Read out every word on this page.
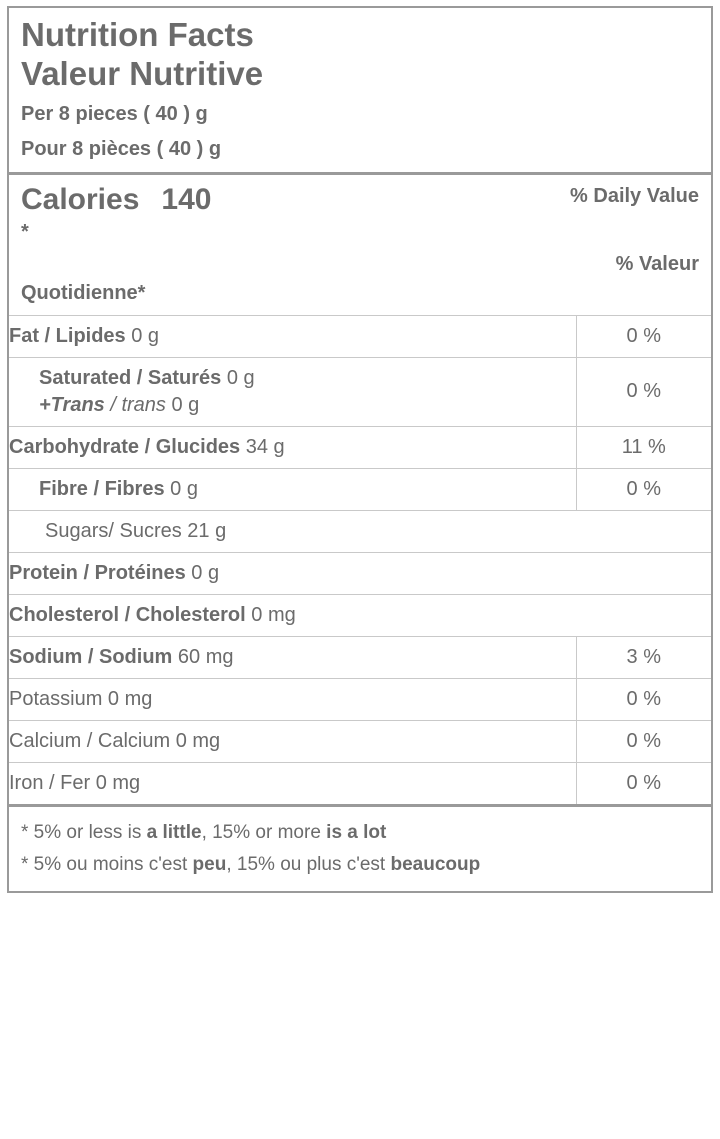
Nutrition Facts
Valeur Nutritive
Per 8 pieces ( 40 ) g
Pour 8 pièces ( 40 ) g
Calories 140	% Daily Value
*
% Valeur
Quotidienne*
Fat / Lipides 0 g	0 %
Saturated / Saturés 0 g
+Trans / trans 0 g	0 %
Carbohydrate / Glucides 34 g	11 %
Fibre / Fibres 0 g	0 %
Sugars/ Sucres 21 g	
Protein / Protéines 0 g	
Cholesterol / Cholesterol 0 mg	
Sodium / Sodium 60 mg	3 %
Potassium 0 mg	0 %
Calcium / Calcium 0 mg	0 %
Iron / Fer 0 mg	0 %
* 5% or less is a little, 15% or more is a lot
* 5% ou moins c'est peu, 15% ou plus c'est beaucoup
